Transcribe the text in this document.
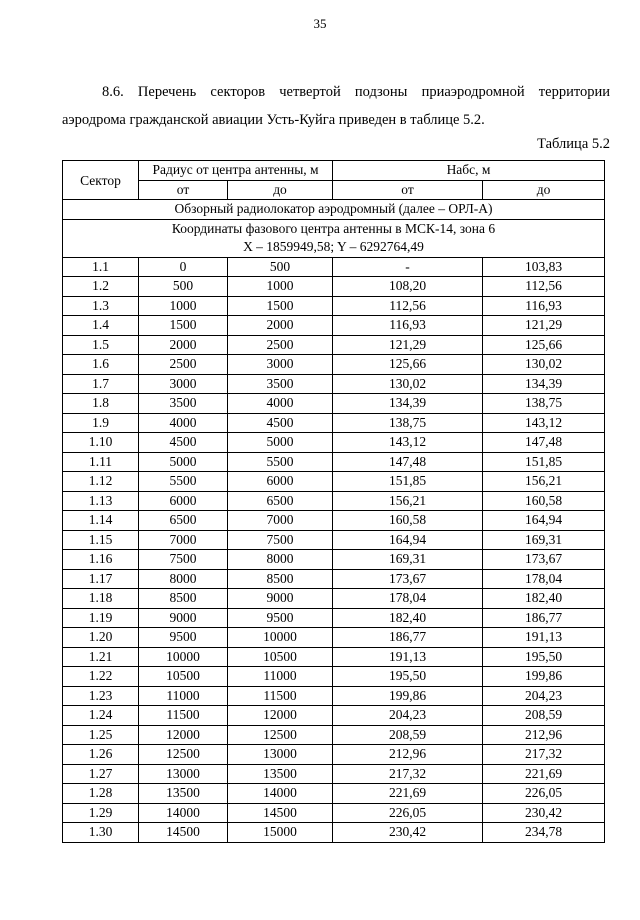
35
8.6. Перечень секторов четвертой подзоны приаэродромной территории
аэродрома гражданской авиации Усть-Куйга приведен в таблице 5.2.
Таблица 5.2
Сектор	Радиус от центра антенны, м		Набс, м	
	от	до	от	до
Обзорный радиолокатор аэродромный (далее – ОРЛ-А)				
Координаты фазового центра антенны в МСК-14, зона 6
X – 1859949,58; Y – 6292764,49				
1.1	0	500	-	103,83
1.2	500	1000	108,20	112,56
1.3	1000	1500	112,56	116,93
1.4	1500	2000	116,93	121,29
1.5	2000	2500	121,29	125,66
1.6	2500	3000	125,66	130,02
1.7	3000	3500	130,02	134,39
1.8	3500	4000	134,39	138,75
1.9	4000	4500	138,75	143,12
1.10	4500	5000	143,12	147,48
1.11	5000	5500	147,48	151,85
1.12	5500	6000	151,85	156,21
1.13	6000	6500	156,21	160,58
1.14	6500	7000	160,58	164,94
1.15	7000	7500	164,94	169,31
1.16	7500	8000	169,31	173,67
1.17	8000	8500	173,67	178,04
1.18	8500	9000	178,04	182,40
1.19	9000	9500	182,40	186,77
1.20	9500	10000	186,77	191,13
1.21	10000	10500	191,13	195,50
1.22	10500	11000	195,50	199,86
1.23	11000	11500	199,86	204,23
1.24	11500	12000	204,23	208,59
1.25	12000	12500	208,59	212,96
1.26	12500	13000	212,96	217,32
1.27	13000	13500	217,32	221,69
1.28	13500	14000	221,69	226,05
1.29	14000	14500	226,05	230,42
1.30	14500	15000	230,42	234,78
